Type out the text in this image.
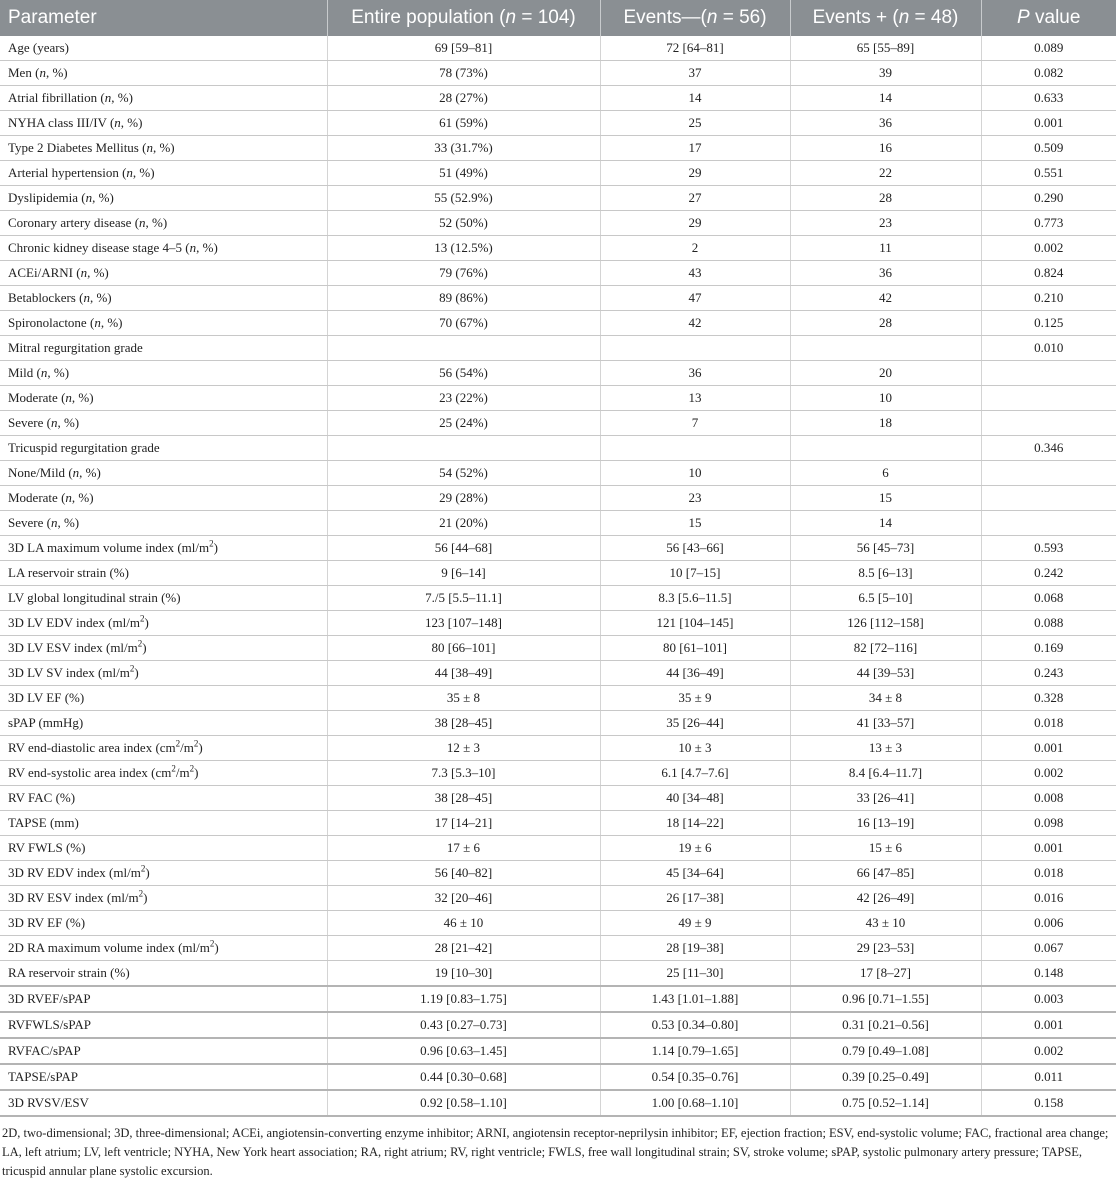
Parameter	Entire population (n = 104)	Events—(n = 56)	Events + (n = 48)	P value
Age (years)	69 [59–81]	72 [64–81]	65 [55–89]	0.089
Men (n, %)	78 (73%)	37	39	0.082
Atrial fibrillation (n, %)	28 (27%)	14	14	0.633
NYHA class III/IV (n, %)	61 (59%)	25	36	0.001
Type 2 Diabetes Mellitus (n, %)	33 (31.7%)	17	16	0.509
Arterial hypertension (n, %)	51 (49%)	29	22	0.551
Dyslipidemia (n, %)	55 (52.9%)	27	28	0.290
Coronary artery disease (n, %)	52 (50%)	29	23	0.773
Chronic kidney disease stage 4–5 (n, %)	13 (12.5%)	2	11	0.002
ACEi/ARNI (n, %)	79 (76%)	43	36	0.824
Betablockers (n, %)	89 (86%)	47	42	0.210
Spironolactone (n, %)	70 (67%)	42	28	0.125
Mitral regurgitation grade				0.010
Mild (n, %)	56 (54%)	36	20	
Moderate (n, %)	23 (22%)	13	10	
Severe (n, %)	25 (24%)	7	18	
Tricuspid regurgitation grade				0.346
None/Mild (n, %)	54 (52%)	10	6	
Moderate (n, %)	29 (28%)	23	15	
Severe (n, %)	21 (20%)	15	14	
3D LA maximum volume index $(ml/m^2)$	56 [44–68]	56 [43–66]	56 [45–73]	0.593
LA reservoir strain (%)	9 [6–14]	10 [7–15]	8.5 [6–13]	0.242
LV global longitudinal strain (%)	7./5 [5.5–11.1]	8.3 [5.6–11.5]	6.5 [5–10]	0.068
3D LV EDV index $(ml/m^2)$	123 [107–148]	121 [104–145]	126 [112–158]	0.088
3D LV ESV index $(ml/m^2)$	80 [66–101]	80 [61–101]	82 [72–116]	0.169
3D LV SV index $(ml/m^2)$	44 [38–49]	44 [36–49]	44 [39–53]	0.243
3D LV EF (%)	35 ± 8	35 ± 9	34 ± 8	0.328
sPAP (mmHg)	38 [28–45]	35 [26–44]	41 [33–57]	0.018
RV end-diastolic area index $(cm^2/m^2)$	12 ± 3	10 ± 3	13 ± 3	0.001
RV end-systolic area index $(cm^2/m^2)$	7.3 [5.3–10]	6.1 [4.7–7.6]	8.4 [6.4–11.7]	0.002
RV FAC (%)	38 [28–45]	40 [34–48]	33 [26–41]	0.008
TAPSE (mm)	17 [14–21]	18 [14–22]	16 [13–19]	0.098
RV FWLS (%)	17 ± 6	19 ± 6	15 ± 6	0.001
3D RV EDV index $(ml/m^2)$	56 [40–82]	45 [34–64]	66 [47–85]	0.018
3D RV ESV index $(ml/m^2)$	32 [20–46]	26 [17–38]	42 [26–49]	0.016
3D RV EF (%)	46 ± 10	49 ± 9	43 ± 10	0.006
2D RA maximum volume index $(ml/m^2)$	28 [21–42]	28 [19–38]	29 [23–53]	0.067
RA reservoir strain (%)	19 [10–30]	25 [11–30]	17 [8–27]	0.148
3D RVEF/sPAP	1.19 [0.83–1.75]	1.43 [1.01–1.88]	0.96 [0.71–1.55]	0.003
RVFWLS/sPAP	0.43 [0.27–0.73]	0.53 [0.34–0.80]	0.31 [0.21–0.56]	0.001
RVFAC/sPAP	0.96 [0.63–1.45]	1.14 [0.79–1.65]	0.79 [0.49–1.08]	0.002
TAPSE/sPAP	0.44 [0.30–0.68]	0.54 [0.35–0.76]	0.39 [0.25–0.49]	0.011
3D RVSV/ESV	0.92 [0.58–1.10]	1.00 [0.68–1.10]	0.75 [0.52–1.14]	0.158
2D, two-dimensional; 3D, three-dimensional; ACEi, angiotensin-converting enzyme inhibitor; ARNI, angiotensin receptor-neprilysin inhibitor; EF, ejection fraction; ESV, end-systolic volume; FAC, fractional area change; LA, left atrium; LV, left ventricle; NYHA, New York heart association; RA, right atrium; RV, right ventricle; FWLS, free wall longitudinal strain; SV, stroke volume; sPAP, systolic pulmonary artery pressure; TAPSE, tricuspid annular plane systolic excursion.
